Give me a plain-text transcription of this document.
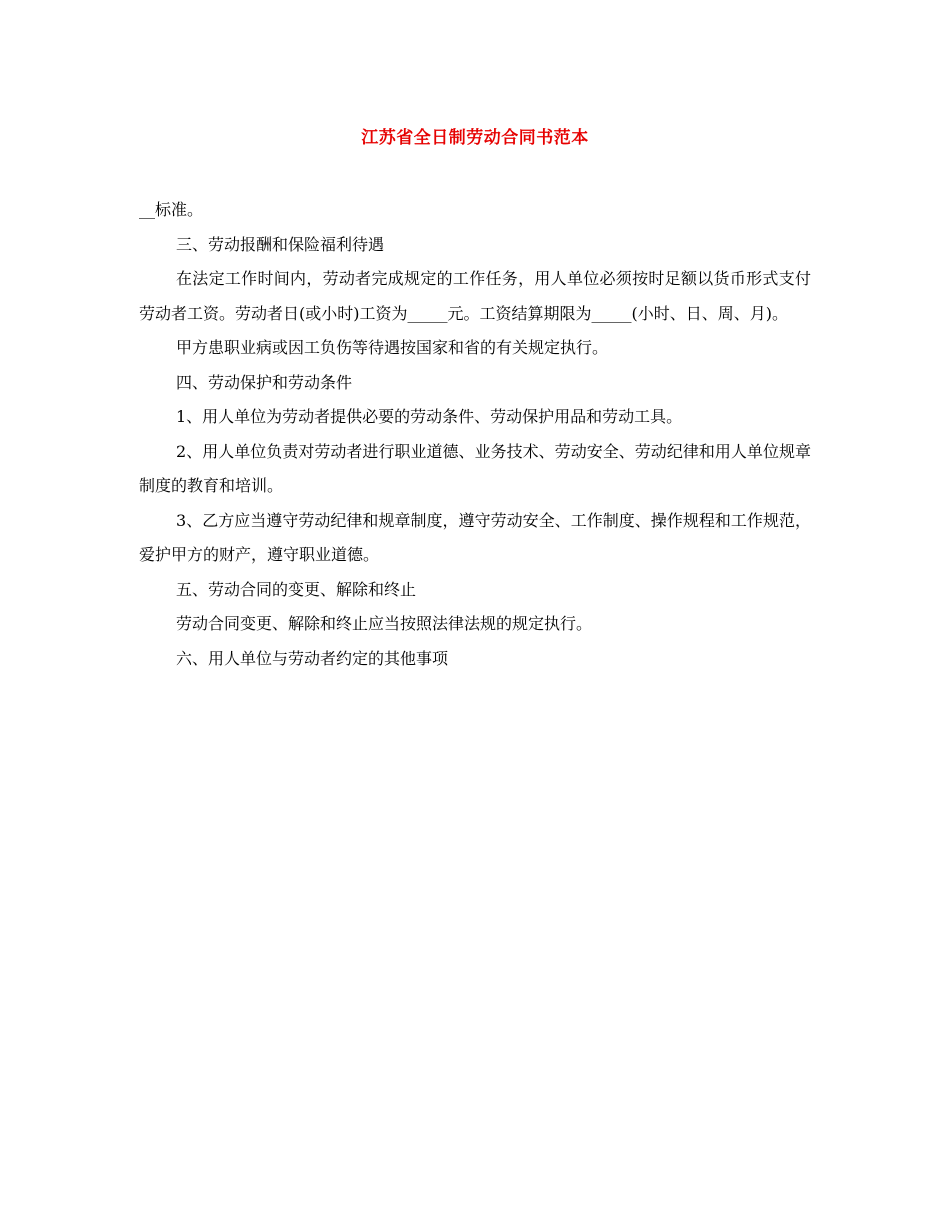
江苏省全日制劳动合同书范本

__标准。

三、劳动报酬和保险福利待遇

在法定工作时间内，劳动者完成规定的工作任务，用人单位必须按时足额以货币形式支付劳动者工资。劳动者日(或小时)工资为_____元。工资结算期限为_____(小时、日、周、月)。

甲方患职业病或因工负伤等待遇按国家和省的有关规定执行。

四、劳动保护和劳动条件

1、用人单位为劳动者提供必要的劳动条件、劳动保护用品和劳动工具。

2、用人单位负责对劳动者进行职业道德、业务技术、劳动安全、劳动纪律和用人单位规章制度的教育和培训。

3、乙方应当遵守劳动纪律和规章制度，遵守劳动安全、工作制度、操作规程和工作规范，爱护甲方的财产，遵守职业道德。

五、劳动合同的变更、解除和终止

劳动合同变更、解除和终止应当按照法律法规的规定执行。

六、用人单位与劳动者约定的其他事项
